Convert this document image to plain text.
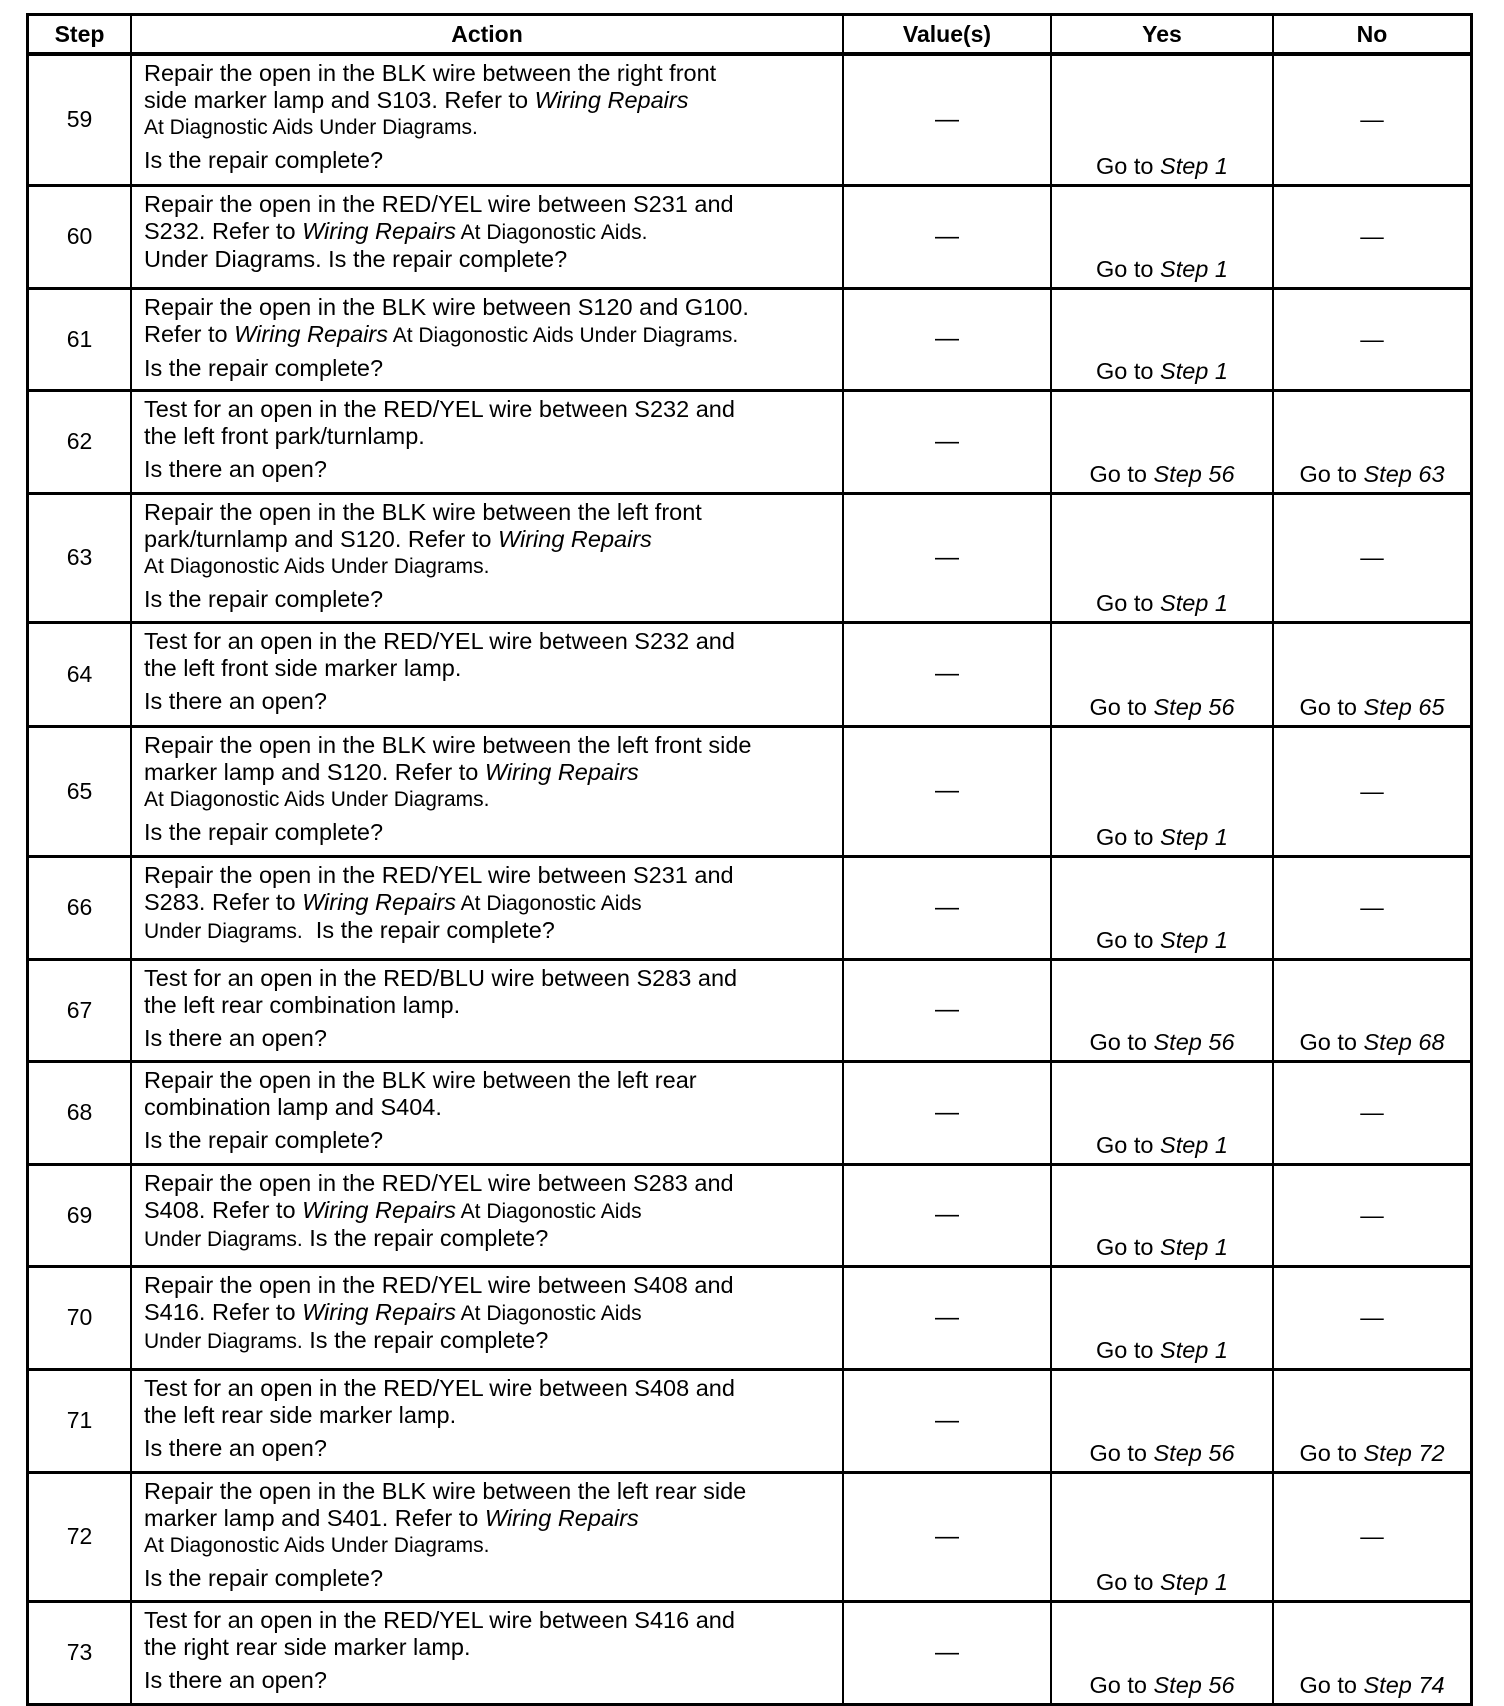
Step	Action	Value(s)	Yes	No
59	Repair the open in the BLK wire between the right front
side marker lamp and S103. Refer to Wiring Repairs
At Diagnostic Aids Under Diagrams.
Is the repair complete?	—	Go to Step 1	—
60	Repair the open in the RED/YEL wire between S231 and
S232. Refer to Wiring Repairs At Diagonostic Aids.
Under Diagrams. Is the repair complete?	—	Go to Step 1	—
61	Repair the open in the BLK wire between S120 and G100.
Refer to Wiring Repairs At Diagonostic Aids Under Diagrams.
Is the repair complete?	—	Go to Step 1	—
62	Test for an open in the RED/YEL wire between S232 and
the left front park/turnlamp.
Is there an open?	—	Go to Step 56	Go to Step 63
63	Repair the open in the BLK wire between the left front
park/turnlamp and S120. Refer to Wiring Repairs
At Diagonostic Aids Under Diagrams.
Is the repair complete?	—	Go to Step 1	—
64	Test for an open in the RED/YEL wire between S232 and
the left front side marker lamp.
Is there an open?	—	Go to Step 56	Go to Step 65
65	Repair the open in the BLK wire between the left front side
marker lamp and S120. Refer to Wiring Repairs
At Diagonostic Aids Under Diagrams.
Is the repair complete?	—	Go to Step 1	—
66	Repair the open in the RED/YEL wire between S231 and
S283. Refer to Wiring Repairs At Diagonostic Aids
Under Diagrams.  Is the repair complete?	—	Go to Step 1	—
67	Test for an open in the RED/BLU wire between S283 and
the left rear combination lamp.
Is there an open?	—	Go to Step 56	Go to Step 68
68	Repair the open in the BLK wire between the left rear
combination lamp and S404.
Is the repair complete?	—	Go to Step 1	—
69	Repair the open in the RED/YEL wire between S283 and
S408. Refer to Wiring Repairs At Diagonostic Aids
Under Diagrams. Is the repair complete?	—	Go to Step 1	—
70	Repair the open in the RED/YEL wire between S408 and
S416. Refer to Wiring Repairs At Diagonostic Aids
Under Diagrams. Is the repair complete?	—	Go to Step 1	—
71	Test for an open in the RED/YEL wire between S408 and
the left rear side marker lamp.
Is there an open?	—	Go to Step 56	Go to Step 72
72	Repair the open in the BLK wire between the left rear side
marker lamp and S401. Refer to Wiring Repairs
At Diagonostic Aids Under Diagrams.
Is the repair complete?	—	Go to Step 1	—
73	Test for an open in the RED/YEL wire between S416 and
the right rear side marker lamp.
Is there an open?	—	Go to Step 56	Go to Step 74
